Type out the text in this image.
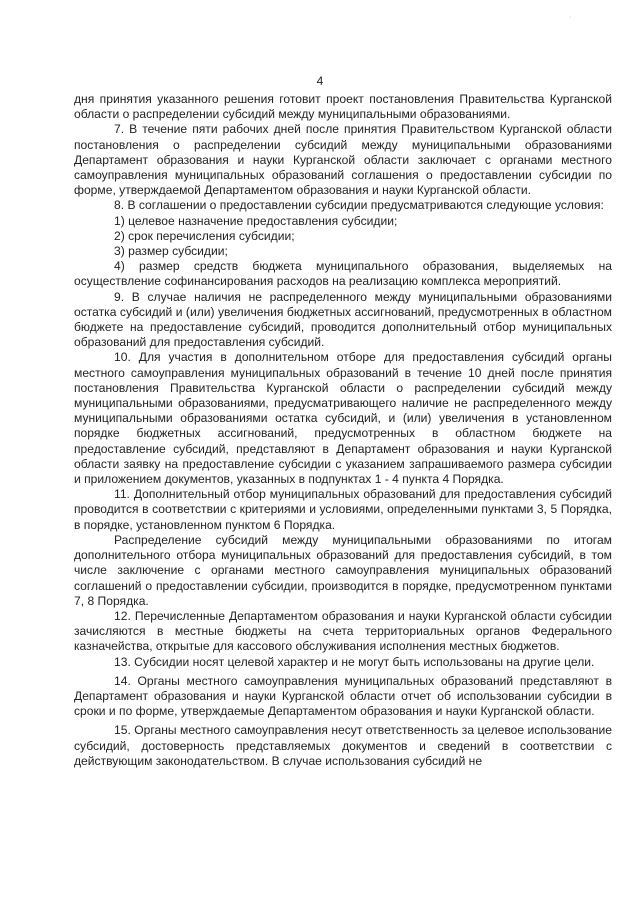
·
4

дня принятия указанного решения готовит проект постановления Правительства Курганской области о распределении субсидий между муниципальными образованиями.

7. В течение пяти рабочих дней после принятия Правительством Курганской области постановления о распределении субсидий между муниципальными образованиями Департамент образования и науки Курганской области заключает с органами местного самоуправления муниципальных образований соглашения о предоставлении субсидии по форме, утверждаемой Департаментом образования и науки Курганской области.

8. В соглашении о предоставлении субсидии предусматриваются следующие условия:

1) целевое назначение предоставления субсидии;

2) срок перечисления субсидии;

3) размер субсидии;

4) размер средств бюджета муниципального образования, выделяемых на осуществление софинансирования расходов на реализацию комплекса мероприятий.

9. В случае наличия не распределенного между муниципальными образованиями остатка субсидий и (или) увеличения бюджетных ассигнований, предусмотренных в областном бюджете на предоставление субсидий, проводится дополнительный отбор муниципальных образований для предоставления субсидий.

10. Для участия в дополнительном отборе для предоставления субсидий органы местного самоуправления муниципальных образований в течение 10 дней после принятия постановления Правительства Курганской области о распределении субсидий между муниципальными образованиями, предусматривающего наличие не распределенного между муниципальными образованиями остатка субсидий, и (или) увеличения в установленном порядке бюджетных ассигнований, предусмотренных в областном бюджете на предоставление субсидий, представляют в Департамент образования и науки Курганской области заявку на предоставление субсидии с указанием запрашиваемого размера субсидии и приложением документов, указанных в подпунктах 1 - 4 пункта 4 Порядка.

11. Дополнительный отбор муниципальных образований для предоставления субсидий проводится в соответствии с критериями и условиями, определенными пунктами 3, 5 Порядка, в порядке, установленном пунктом 6 Порядка.

Распределение субсидий между муниципальными образованиями по итогам дополнительного отбора муниципальных образований для предоставления субсидий, в том числе заключение с органами местного самоуправления муниципальных образований соглашений о предоставлении субсидии, производится в порядке, предусмотренном пунктами 7, 8 Порядка.

12. Перечисленные Департаментом образования и науки Курганской области субсидии зачисляются в местные бюджеты на счета территориальных органов Федерального казначейства, открытые для кассового обслуживания исполнения местных бюджетов.

13. Субсидии носят целевой характер и не могут быть использованы на другие цели.

14. Органы местного самоуправления муниципальных образований представляют в Департамент образования и науки Курганской области отчет об использовании субсидии в сроки и по форме, утверждаемые Департаментом образования и науки Курганской области.

15. Органы местного самоуправления несут ответственность за целевое использование субсидий, достоверность представляемых документов и сведений в соответствии с действующим законодательством. В случае использования субсидий не
